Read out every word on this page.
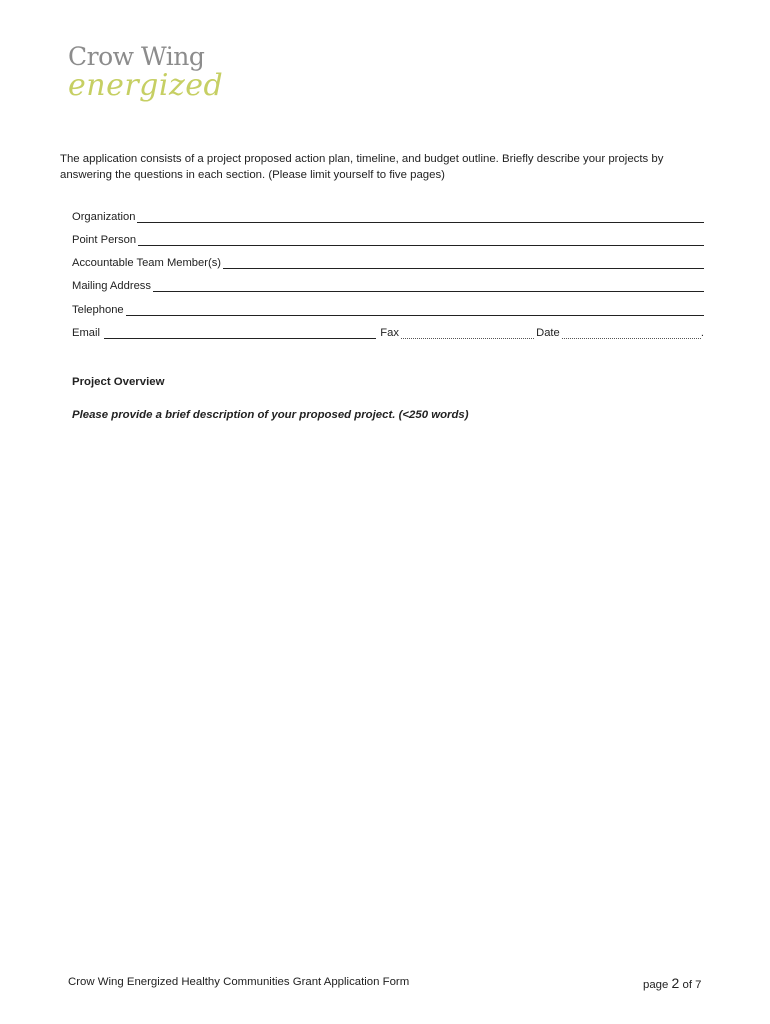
Crow Wing
energized
The application consists of a project proposed action plan, timeline, and budget outline. Briefly describe your projects by answering the questions in each section. (Please limit yourself to five pages)
Organization
Point Person
Accountable Team Member(s)
Mailing Address
Telephone
Email	Fax	Date	.
Project Overview
Please provide a brief description of your proposed project. (<250 words)
Crow Wing Energized Healthy Communities Grant Application Form	page 2 of 7
